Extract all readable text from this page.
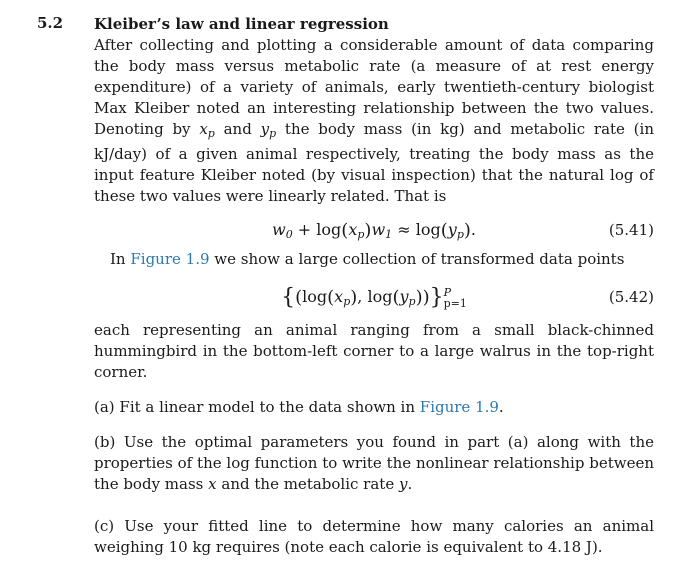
5.2 Kleiber’s law and linear regression

After collecting and plotting a considerable amount of data comparing the body mass versus metabolic rate (a measure of at rest energy expenditure) of a variety of animals, early twentieth-century biologist Max Kleiber noted an interesting relationship between the two values. Denoting by $x_p$ and $y_p$ the body mass (in kg) and metabolic rate (in kJ/day) of a given animal respectively, treating the body mass as the input feature Kleiber noted (by visual inspection) that the natural log of these two values were linearly related. That is

$w_0 + \log(x_p)w_1 \approx \log(y_p)$.	(5.41)

In Figure 1.9 we show a large collection of transformed data points

{($\log(x_p)$, $\log(y_p)$)} P
p=1	(5.42)

each representing an animal ranging from a small black-chinned hummingbird in the bottom-left corner to a large walrus in the top-right corner.

(a) Fit a linear model to the data shown in Figure 1.9.

(b) Use the optimal parameters you found in part (a) along with the properties of the log function to write the nonlinear relationship between the body mass x and the metabolic rate y.

(c) Use your fitted line to determine how many calories an animal weighing 10 kg requires (note each calorie is equivalent to 4.18 J).
